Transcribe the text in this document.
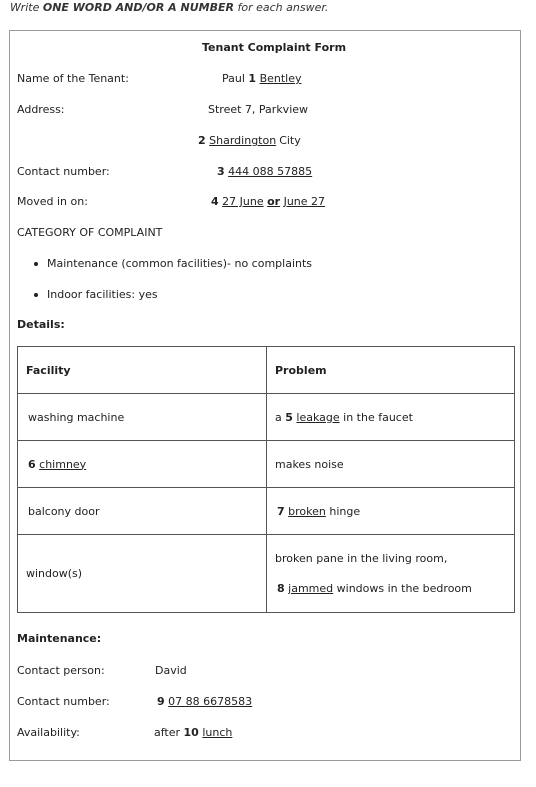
Write ONE WORD AND/OR A NUMBER for each answer.
Tenant Complaint Form
Name of the Tenant:	Paul 1 Bentley
Address:	Street 7, Parkview
2 Shardington City
Contact number:	3 444 088 57885
Moved in on:	4 27 June or June 27
CATEGORY OF COMPLAINT
Maintenance (common facilities)- no complaints
Indoor facilities: yes
Details:
Facility	Problem
washing machine	a 5 leakage in the faucet
6 chimney	makes noise
balcony door	7 broken hinge
window(s)	broken pane in the living room,
8 jammed windows in the bedroom
Maintenance:
Contact person:	David
Contact number:	9 07 88 6678583
Availability:	after 10 lunch
